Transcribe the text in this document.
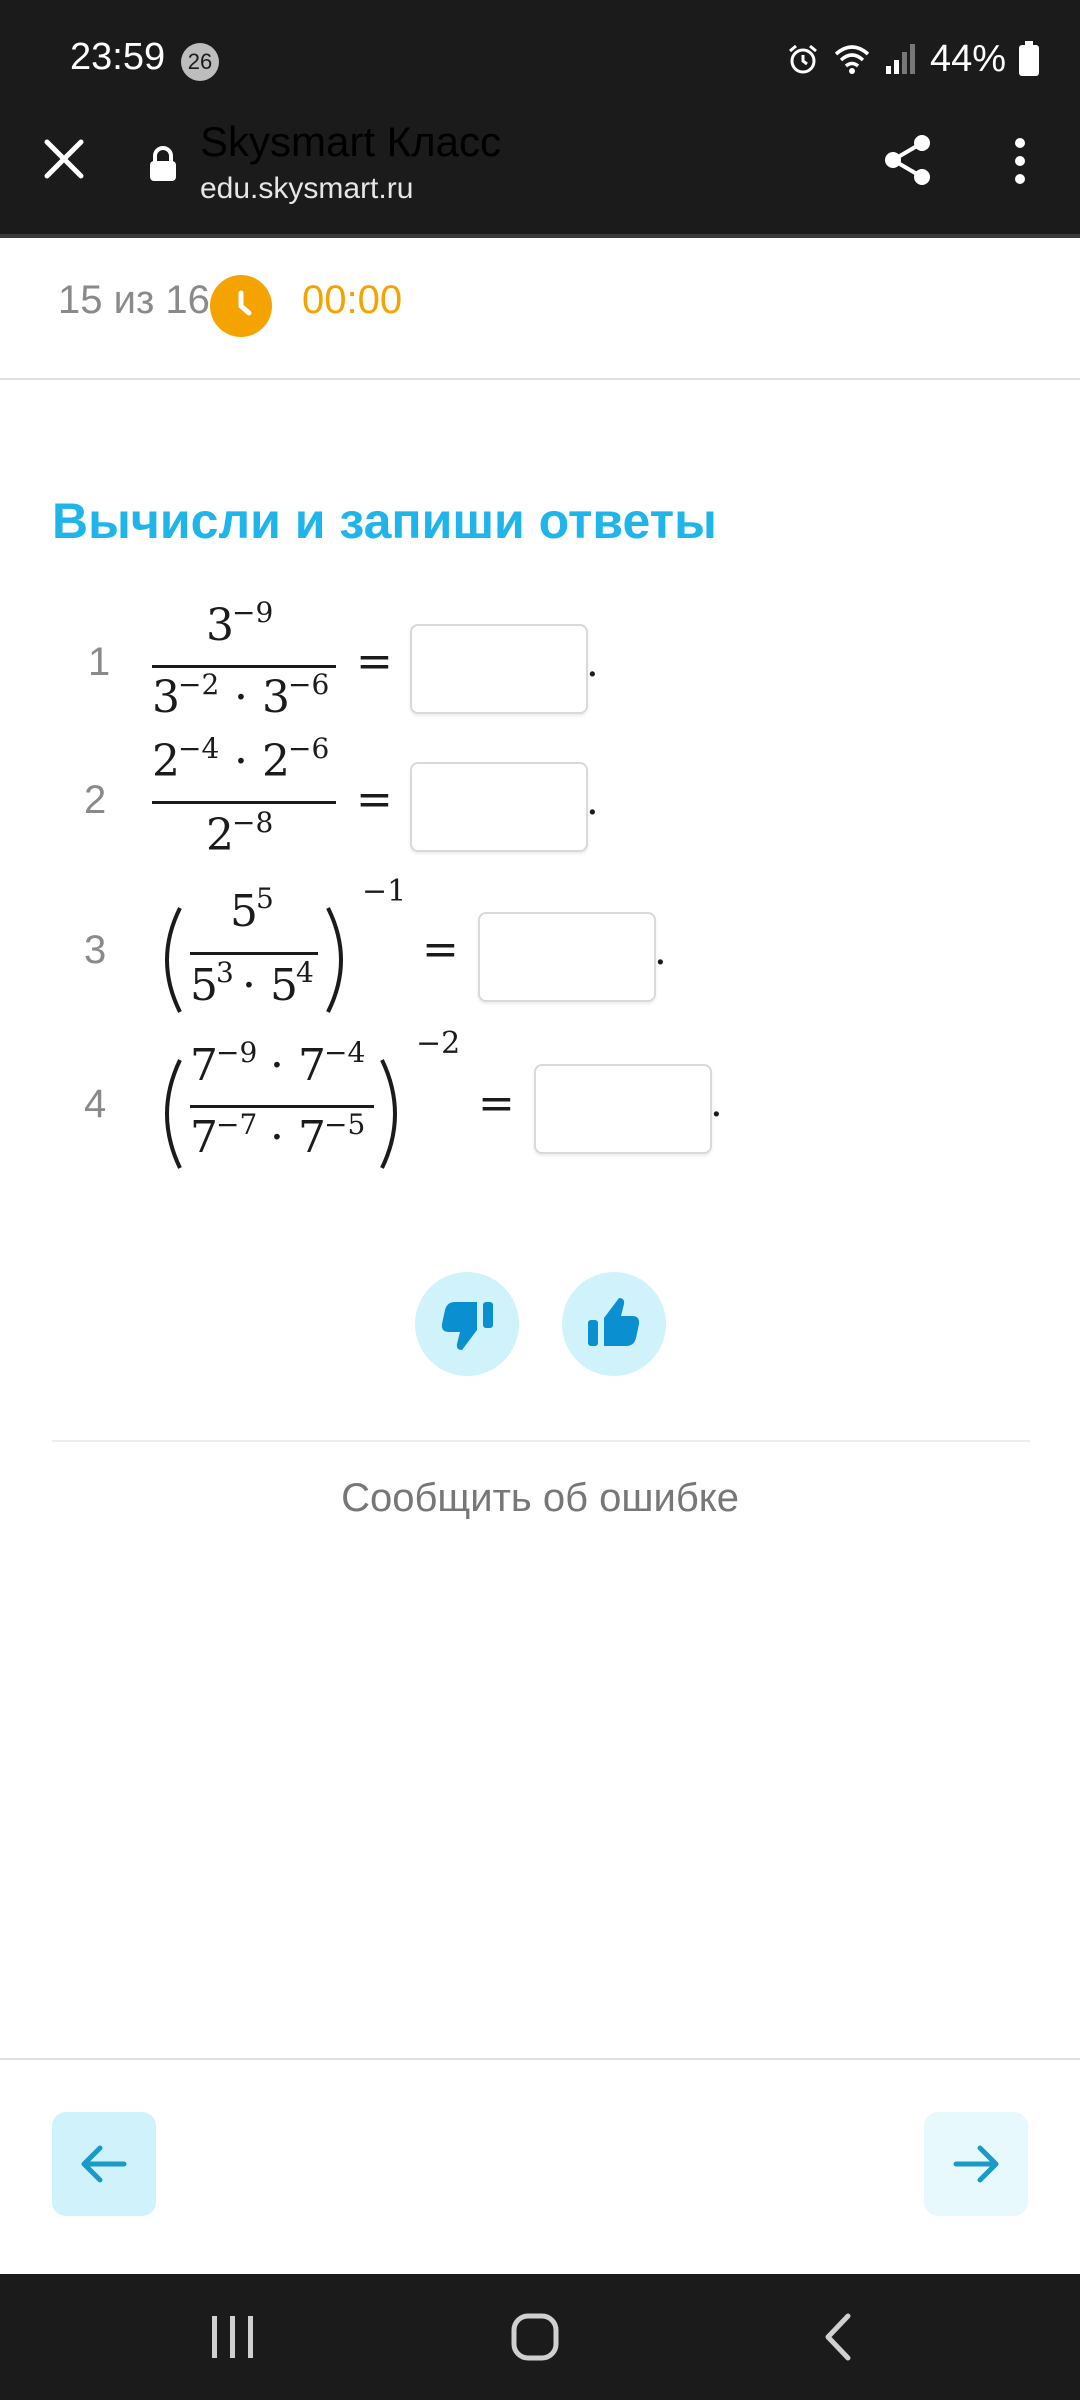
23:59	26	44%
Skysmart Класс
edu.skysmart.ru
15 из 16 00:00
Вычисли и запиши ответы
1
3
−9
3
−2 · 3
−6 =	.
2
2
−4 · 2
−6
2
−8 =	.
3
5
5
5
3 · 5
4
−1
=	.
4
7
−9 · 7
−4
7
−7 · 7
−5
−2
=	.
Сообщить об ошибке
